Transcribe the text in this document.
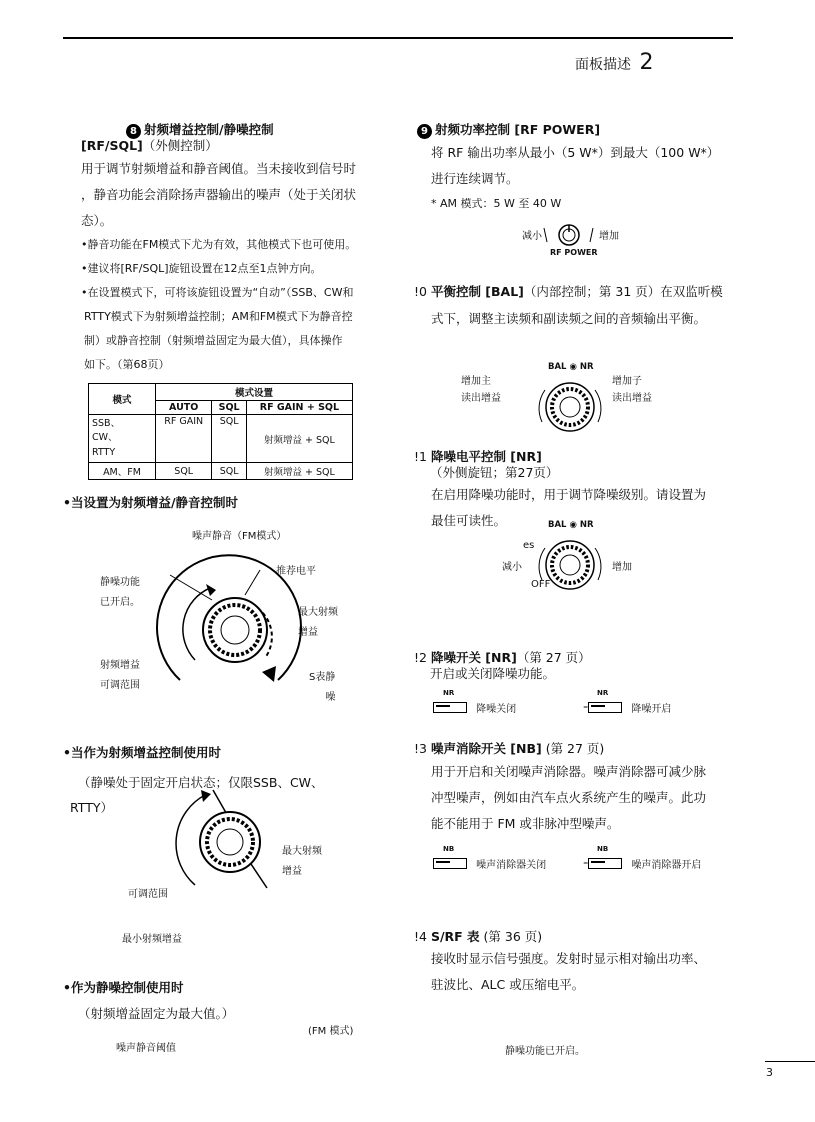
面板描述 2
8 射频增益控制/静噪控制
[RF/SQL]（外侧控制）
用于调节射频增益和静音阈值。当未接收到信号时
，静音功能会消除扬声器输出的噪声（处于关闭状
态）。
•静音功能在FM模式下尤为有效，其他模式下也可使用。
•建议将[RF/SQL]旋钮设置在12点至1点钟方向。
•在设置模式下，可将该旋钮设置为“自动”（SSB、CW和
RTTY模式下为射频增益控制；AM和FM模式下为静音控
制）或静音控制（射频增益固定为最大值），具体操作
如下。（第68页）
模式	模式设置		
	AUTO	SQL	RF GAIN + SQL

SSB、
CW、
RTTY	RF GAIN	SQL	射频增益 + SQL
AM、FM	SQL	SQL	射频增益 + SQL
•当设置为射频增益/静音控制时
噪声静音（FM模式）
推荐电平
静噪功能
已开启。
最大射频
增益
射频增益
可调范围
S表静
噪
•当作为射频增益控制使用时
（静噪处于固定开启状态；仅限SSB、CW、
RTTY）
最大射频
增益
可调范围
最小射频增益
•作为静噪控制使用时
（射频增益固定为最大值。）
(FM 模式)
噪声静音阈值
9 射频功率控制 [RF POWER]
将 RF 输出功率从最小（5 W*）到最大（100 W*）
进行连续调节。
* AM 模式：5 W 至 40 W
减小	增加
RF POWER
!0 平衡控制 [BAL]（内部控制；第 31 页）在双监听模
式下，调整主读频和副读频之间的音频输出平衡。
BAL ◉ NR
增加主
读出增益
增加子
读出增益
!1 降噪电平控制 [NR]
（外侧旋钮；第27页）
在启用降噪功能时，用于调节降噪级别。请设置为
最佳可读性。	BAL ◉ NR
es
减小	增加
OFF
!2 降噪开关 [NR]（第 27 页）
开启或关闭降噪功能。
NR
降噪关闭
NR
⁼	降噪开启
!3 噪声消除开关 [NB] (第 27 页)
用于开启和关闭噪声消除器。噪声消除器可减少脉
冲型噪声，例如由汽车点火系统产生的噪声。此功
能不能用于 FM 或非脉冲型噪声。
NB
噪声消除器关闭
NB
⁼	噪声消除器开启
!4 S/RF 表 (第 36 页)
接收时显示信号强度。发射时显示相对输出功率、
驻波比、ALC 或压缩电平。
静噪功能已开启。
3
